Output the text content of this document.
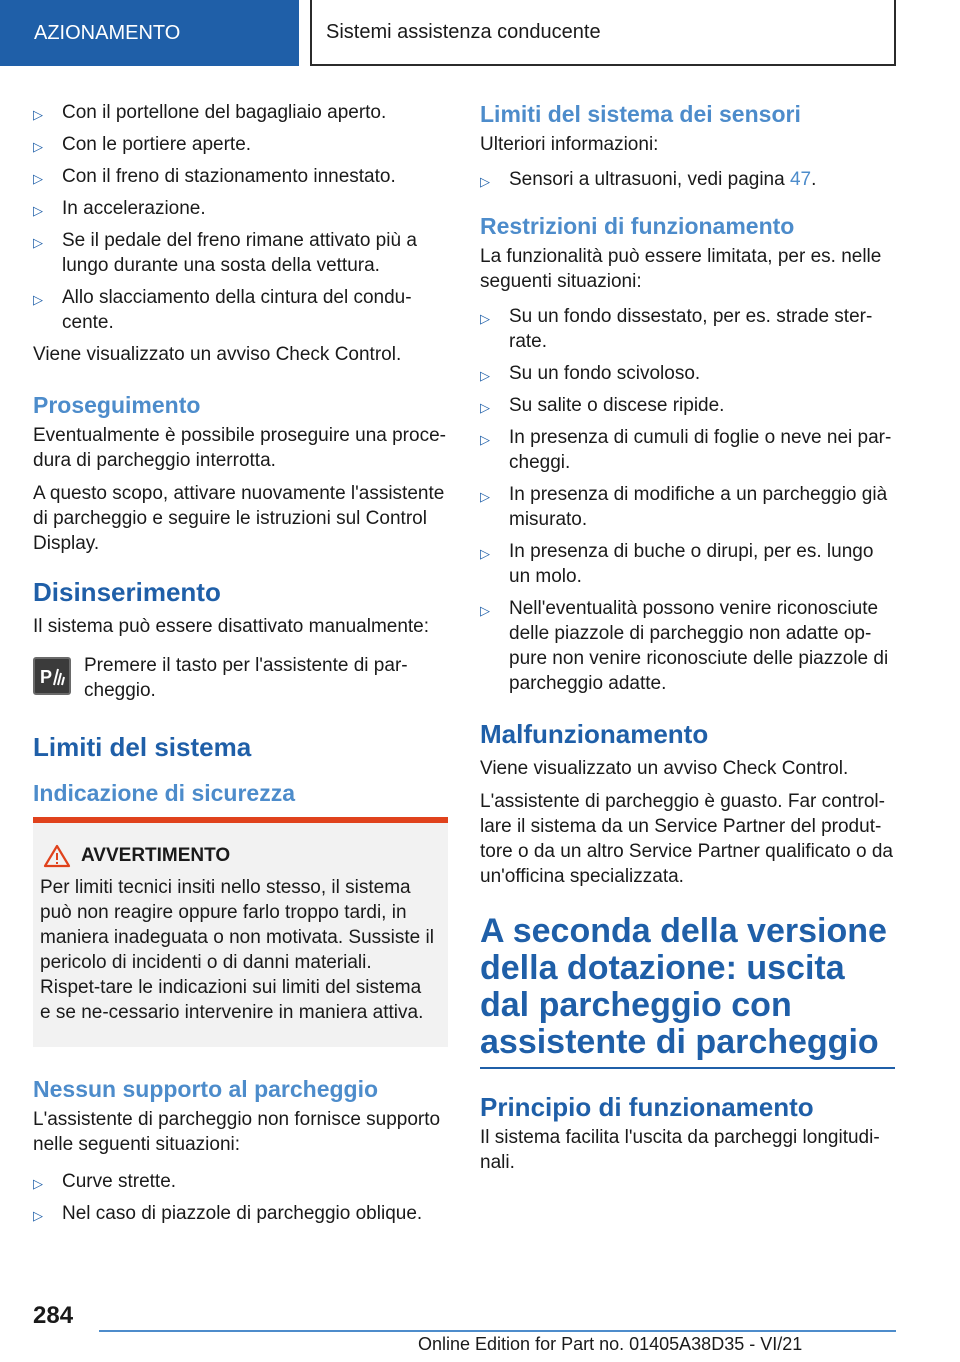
AZIONAMENTO	Sistemi assistenza conducente
▷ Con il portellone del bagagliaio aperto.
▷ Con le portiere aperte.
▷ Con il freno di stazionamento innestato.
▷ In accelerazione.
▷ Se il pedale del freno rimane attivato più a lungo durante una sosta della vettura.
▷ Allo slacciamento della cintura del condu-cente.

Viene visualizzato un avviso Check Control.

Proseguimento

Eventualmente è possibile proseguire una proce-dura di parcheggio interrotta.

A questo scopo, attivare nuovamente l'assistente di parcheggio e seguire le istruzioni sul Control Display.

Disinserimento

Il sistema può essere disattivato manualmente:

P

Premere il tasto per l'assistente di par-cheggio.

Limiti del sistema
Indicazione di sicurezza
AVVERTIMENTO

Per limiti tecnici insiti nello stesso, il sistema può non reagire oppure farlo troppo tardi, in maniera inadeguata o non motivata. Sussiste il pericolo di incidenti o di danni materiali. Rispet-tare le indicazioni sui limiti del sistema e se ne-cessario intervenire in maniera attiva.

Nessun supporto al parcheggio

L'assistente di parcheggio non fornisce supporto nelle seguenti situazioni:

▷ Curve strette.
▷ Nel caso di piazzole di parcheggio oblique.
Limiti del sistema dei sensori

Ulteriori informazioni:

▷ Sensori a ultrasuoni, vedi pagina 47.
Restrizioni di funzionamento

La funzionalità può essere limitata, per es. nelle seguenti situazioni:

▷ Su un fondo dissestato, per es. strade ster-rate.
▷ Su un fondo scivoloso.
▷ Su salite o discese ripide.
▷ In presenza di cumuli di foglie o neve nei par-cheggi.
▷ In presenza di modifiche a un parcheggio già misurato.
▷ In presenza di buche o dirupi, per es. lungo un molo.
▷ Nell'eventualità possono venire riconosciute delle piazzole di parcheggio non adatte op-pure non venire riconosciute delle piazzole di parcheggio adatte.
Malfunzionamento

Viene visualizzato un avviso Check Control.

L'assistente di parcheggio è guasto. Far control-lare il sistema da un Service Partner del produt-tore o da un altro Service Partner qualificato o da un'officina specializzata.

A seconda della versione della dotazione: uscita dal parcheggio con assistente di parcheggio
Principio di funzionamento

Il sistema facilita l'uscita da parcheggi longitudi-nali.

284
Online Edition for Part no. 01405A38D35 - VI/21
